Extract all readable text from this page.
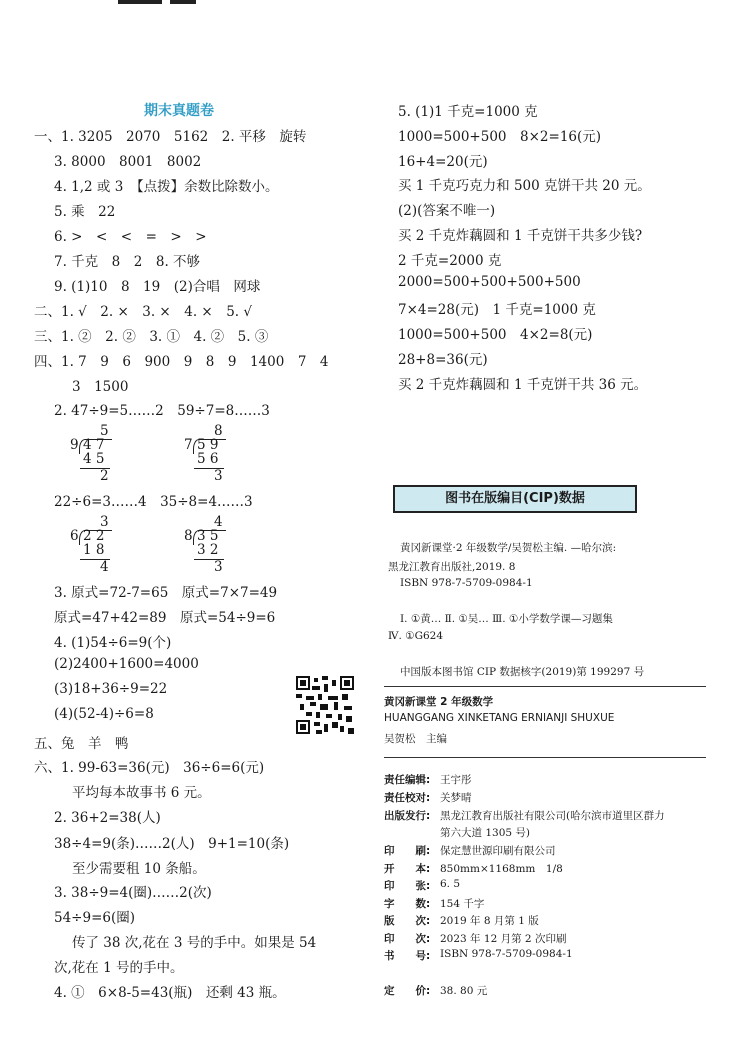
期末真题卷
一、1. 3205　2070　5162　2. 平移　旋转
3. 8000　8001　8002
4. 1,2 或 3　【点拨】余数比除数小。
5. 乘　22
6. >　<　<　=　>　>
7. 千克　8　2　8. 不够
9. (1)10　8　19　(2)合唱　网球
二、1. √　2. ×　3. ×　4. ×　5. √
三、1. ②　2. ②　3. ①　4. ②　5. ③
四、1. 7　9　6　900　9　8　9　1400　7　4
3　1500
2. 47÷9=5……2　59÷7=8……3
22÷6=3……4　35÷8=4……3
3. 原式=72-7=65　原式=7×7=49
原式=47+42=89　原式=54÷9=6
4. (1)54÷6=9(个)
(2)2400+1600=4000
(3)18+36÷9=22
(4)(52-4)÷6=8
五、兔　羊　鸭
六、1. 99-63=36(元)　36÷6=6(元)
平均每本故事书 6 元。
2. 36+2=38(人)
38÷4=9(条)……2(人)　9+1=10(条)
至少需要租 10 条船。
3. 38÷9=4(圈)……2(次)
54÷9=6(圈)
传了 38 次,花在 3 号的手中。如果是 54
次,花在 1 号的手中。
4. ①　6×8-5=43(瓶)　还剩 43 瓶。
5
9 4 7
4 5
2
8
7 5 9
5 6
3
3
6 2 2
1 8
4
4
8 3 5
3 2
3
5. (1)1 千克=1000 克
1000=500+500　8×2=16(元)
16+4=20(元)
买 1 千克巧克力和 500 克饼干共 20 元。
(2)(答案不唯一)
买 2 千克炸藕圆和 1 千克饼干共多少钱?
2 千克=2000 克
2000=500+500+500+500
7×4=28(元)　1 千克=1000 克
1000=500+500　4×2=8(元)
28+8=36(元)
买 2 千克炸藕圆和 1 千克饼干共 36 元。
图书在版编目(CIP)数据
黄冈新课堂·2 年级数学/吴贺松主编. —哈尔滨:
黑龙江教育出版社,2019. 8
ISBN 978-7-5709-0984-1
Ⅰ. ①黄… Ⅱ. ①吴… Ⅲ. ①小学数学课—习题集
Ⅳ. ①G624
中国版本图书馆 CIP 数据核字(2019)第 199297 号
黄冈新课堂 2 年级数学
HUANGGANG XINKETANG ERNIANJI SHUXUE
吴贺松　主编
责任编辑: 王宇彤
责任校对: 关梦晴
出版发行: 黑龙江教育出版社有限公司(哈尔滨市道里区群力
第六大道 1305 号)
印　　刷: 保定慧世源印刷有限公司
开　　本: 850mm×1168mm　1/8
印　　张: 6. 5
字　　数: 154 千字
版　　次: 2019 年 8 月第 1 版
印　　次: 2023 年 12 月第 2 次印刷
书　　号: ISBN 978-7-5709-0984-1
定　　价: 38. 80 元
